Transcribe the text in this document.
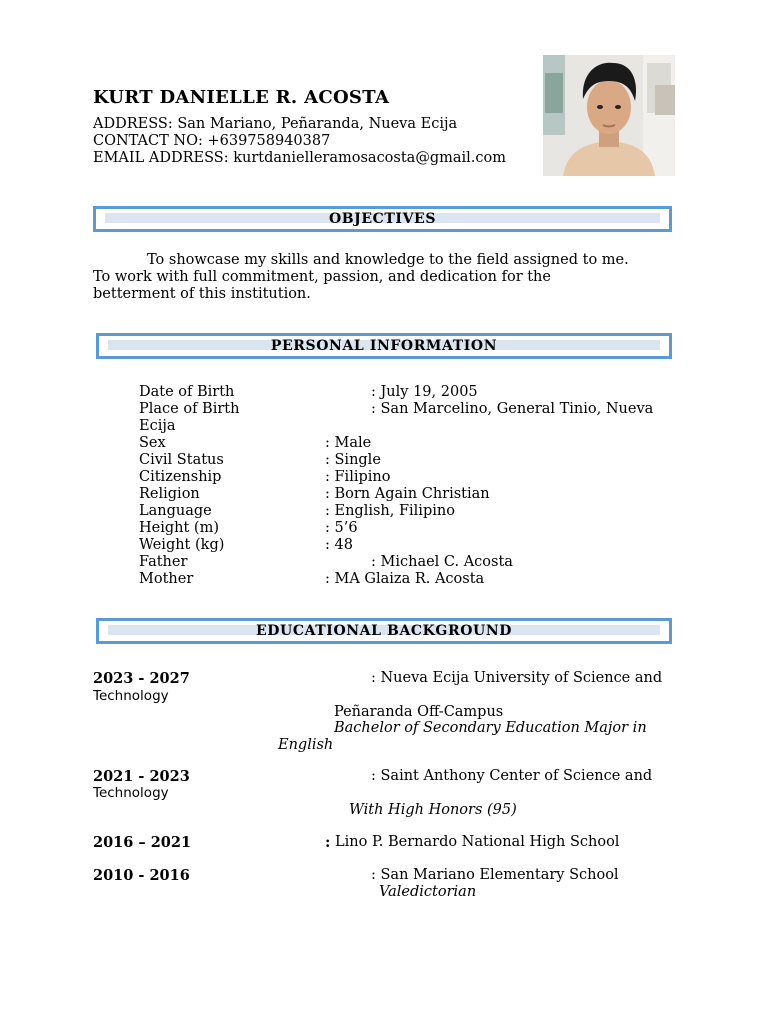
KURT DANIELLE R. ACOSTA
ADDRESS: San Mariano, Peñaranda, Nueva Ecija
CONTACT NO: +639758940387
EMAIL ADDRESS: kurtdanielleramosacosta@gmail.com
OBJECTIVES
To showcase my skills and knowledge to the field assigned to me.
To work with full commitment, passion, and dedication for the
betterment of this institution.
PERSONAL INFORMATION
Date of Birth	: July 19, 2005
Place of Birth	: San Marcelino, General Tinio, Nueva
Ecija
Sex	: Male
Civil Status	: Single
Citizenship	: Filipino
Religion	: Born Again Christian
Language	: English, Filipino
Height (m)	: 5’6
Weight (kg)	: 48
Father	: Michael C. Acosta
Mother	: MA Glaiza R. Acosta
EDUCATIONAL BACKGROUND
2023 - 2027	: Nueva Ecija University of Science and
Technology
Peñaranda Off-Campus
Bachelor of Secondary Education Major in
English
2021 - 2023	: Saint Anthony Center of Science and
Technology
With High Honors (95)
2016 – 2021	: Lino P. Bernardo National High School
2010 - 2016	: San Mariano Elementary School
Valedictorian
